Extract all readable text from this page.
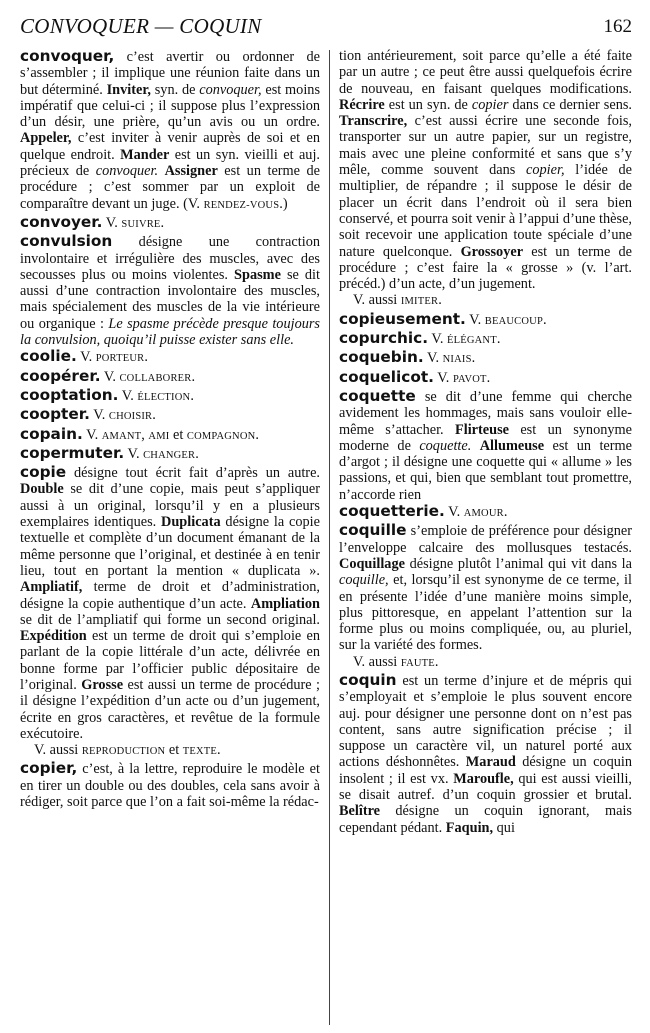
CONVOQUER — COQUIN	162

convoquer, c’est avertir ou ordonner de s’assembler ; il implique une réunion faite dans un but déterminé. Inviter, syn. de convoquer, est moins impératif que celui-ci ; il suppose plus l’expression d’un désir, une prière, qu’un avis ou un ordre. Appeler, c’est inviter à venir auprès de soi et en quelque endroit. Mander est un syn. vieilli et auj. précieux de convoquer. Assigner est un terme de procédure ; c’est sommer par un exploit de comparaître devant un juge. (V. RENDEZ-VOUS.)

convoyer. V. SUIVRE.

convulsion désigne une contraction involontaire et irrégulière des muscles, avec des secousses plus ou moins violentes. Spasme se dit aussi d’une contraction involontaire des muscles, mais spécialement des muscles de la vie intérieure ou organique : Le spasme précède presque toujours la convulsion, quoiqu’il puisse exister sans elle.

coolie. V. PORTEUR.

coopérer. V. COLLABORER.

cooptation. V. ÉLECTION.

coopter. V. CHOISIR.

copain. V. AMANT, AMI et COMPAGNON.

copermuter. V. CHANGER.

copie désigne tout écrit fait d’après un autre. Double se dit d’une copie, mais peut s’appliquer aussi à un original, lorsqu’il y en a plusieurs exemplaires identiques. Duplicata désigne la copie textuelle et complète d’un document émanant de la même personne que l’original, et destinée à en tenir lieu, tout en portant la mention « duplicata ». Ampliatif, terme de droit et d’administration, désigne la copie authentique d’un acte. Ampliation se dit de l’ampliatif qui forme un second original. Expédition est un terme de droit qui s’emploie en parlant de la copie littérale d’un acte, délivrée en bonne forme par l’officier public dépositaire de l’original. Grosse est aussi un terme de procédure ; il désigne l’expédition d’un acte ou d’un jugement, écrite en gros caractères, et revêtue de la formule exécutoire.

V. aussi REPRODUCTION et TEXTE.

copier, c’est, à la lettre, reproduire le modèle et en tirer un double ou des doubles, cela sans avoir à rédiger, soit parce que l’on a fait soi-même la rédac-

tion antérieurement, soit parce qu’elle a été faite par un autre ; ce peut être aussi quelquefois écrire de nouveau, en faisant quelques modifications. Récrire est un syn. de copier dans ce dernier sens. Transcrire, c’est aussi écrire une seconde fois, transporter sur un autre papier, sur un registre, mais avec une pleine conformité et sans que s’y mêle, comme souvent dans copier, l’idée de multiplier, de répandre ; il suppose le désir de placer un écrit dans l’endroit où il sera bien conservé, et pourra soit venir à l’appui d’une thèse, soit recevoir une application toute spéciale d’une nature quelconque. Grossoyer est un terme de procédure ; c’est faire la « grosse » (v. l’art. précéd.) d’un acte, d’un jugement.

V. aussi IMITER.

copieusement. V. BEAUCOUP.

copurchic. V. ÉLÉGANT.

coquebin. V. NIAIS.

coquelicot. V. PAVOT.

coquette se dit d’une femme qui cherche avidement les hommages, mais sans vouloir elle-même s’attacher. Flirteuse est un synonyme moderne de coquette. Allumeuse est un terme d’argot ; il désigne une coquette qui « allume » les passions, et qui, bien que semblant tout promettre, n’accorde rien

coquetterie. V. AMOUR.

coquille s’emploie de préférence pour désigner l’enveloppe calcaire des mollusques testacés. Coquillage désigne plutôt l’animal qui vit dans la coquille, et, lorsqu’il est synonyme de ce terme, il en présente l’idée d’une manière moins simple, plus pittoresque, en appelant l’attention sur la forme plus ou moins compliquée, ou, au pluriel, sur la variété des formes.

V. aussi FAUTE.

coquin est un terme d’injure et de mépris qui s’employait et s’emploie le plus souvent encore auj. pour désigner une personne dont on n’est pas content, sans autre signification précise ; il suppose un caractère vil, un naturel porté aux actions déshonnêtes. Maraud désigne un coquin insolent ; il est vx. Maroufle, qui est aussi vieilli, se disait autref. d’un coquin grossier et brutal. Belître désigne un coquin ignorant, mais cependant pédant. Faquin, qui
